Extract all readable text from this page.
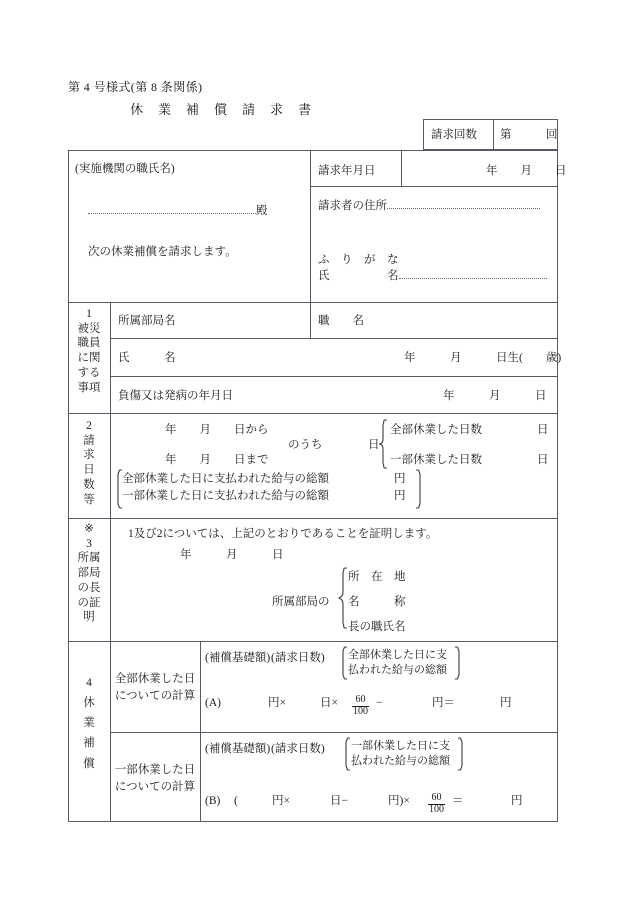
第 4 号様式(第 8 条関係)
休 業 補 償 請 求 書
請求回数 第　　　回
(実施機関の職氏名)
殿
次の休業補償を請求します。
請求年月日	年　　月　　日
請求者の住所
ふ　り　が　な
氏　　　　　名
1
被災
職員
に関
する
事項
所属部局名	職　　名
氏　　　名	年　　　月　　　日生(　　歳)
負傷又は発病の年月日	年　　　月　　　日
2
請
求
日
数
等
年　　月　　日から
年　　月　　日まで
のうち	日
全部休業した日数	日
一部休業した日数	日
全部休業した日に支払われた給与の総額	円
一部休業した日に支払われた給与の総額	円
※
3
所属
部局
の長
の証
明
1及び2については、上記のとおりであることを証明します。
年　　　月　　　日
所属部局の
所　在　地
名　　　称
長の職氏名
4
休
業
補
償
全部休業した日
についての計算
(補償基礎額) (請求日数) 全部休業した日に支
払われた給与の総額
(A)	円×	日× $\frac{60}{100}$ −	円＝	円
一部休業した日
についての計算
(補償基礎額) (請求日数) 一部休業した日に支
払われた給与の総額
(B) (	円×	日−	円)× $\frac{60}{100}$ ＝	円
